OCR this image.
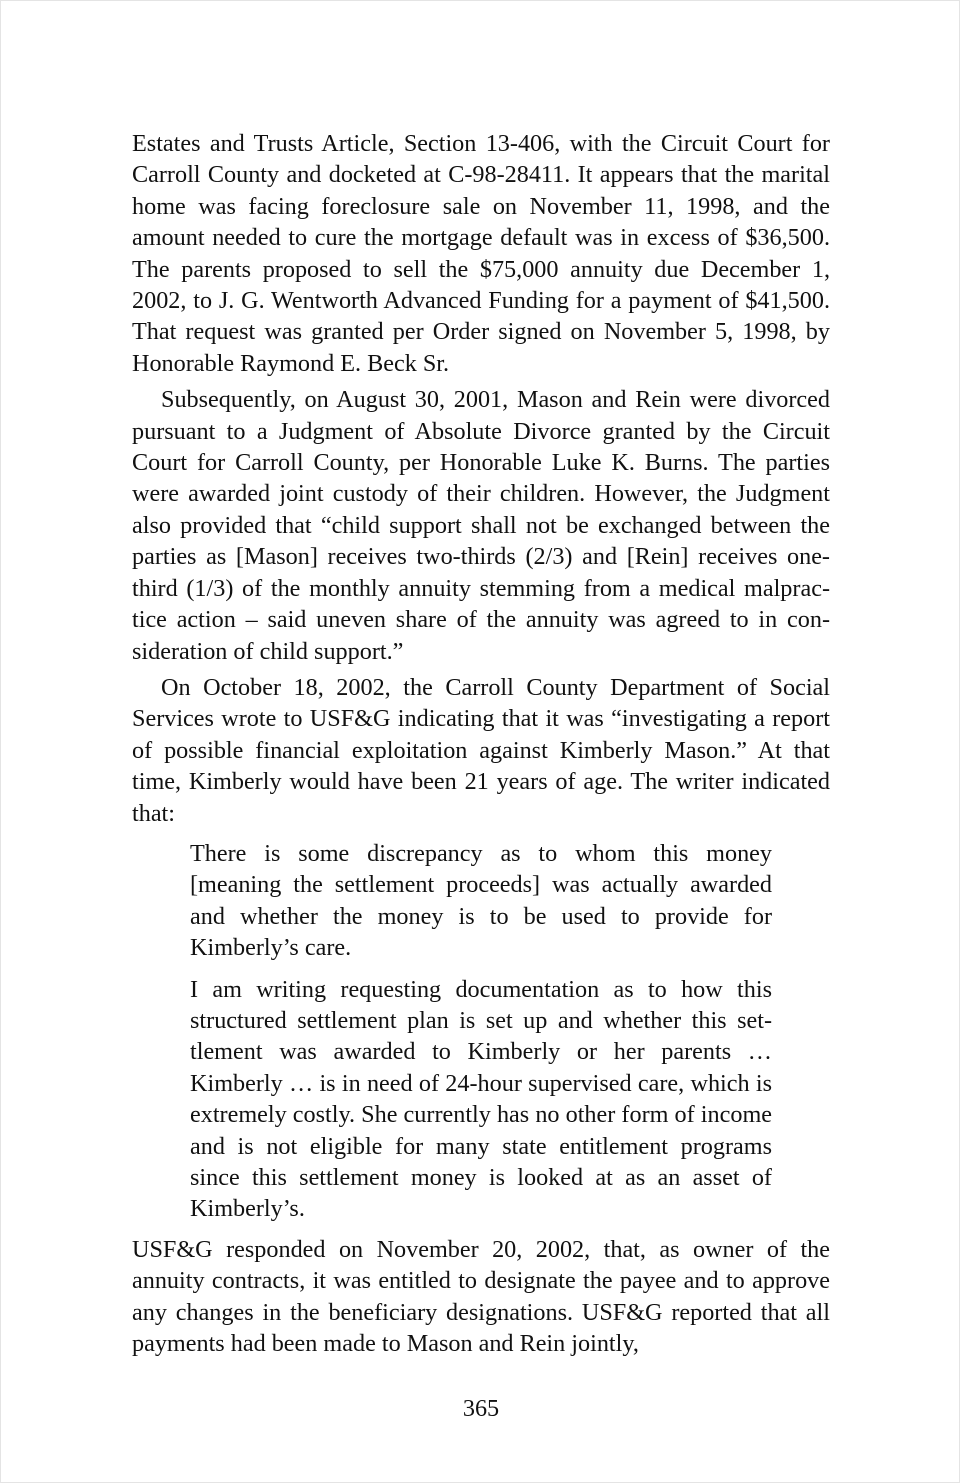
Estates and Trusts Article, Section 13-406, with the Circuit Court for Carroll County and docketed at C-98-28411. It appears that the marital home was facing foreclosure sale on November 11, 1998, and the amount needed to cure the mortgage default was in excess of $36,500. The parents proposed to sell the $75,000 annuity due December 1, 2002, to J. G. Wentworth Advanced Funding for a payment of $41,500. That request was granted per Order signed on November 5, 1998, by Honorable Raymond E. Beck Sr.

Subsequently, on August 30, 2001, Mason and Rein were divorced pursuant to a Judgment of Absolute Divorce granted by the Circuit Court for Carroll County, per Honorable Luke K. Burns. The parties were awarded joint custody of their children. However, the Judgment also provided that “child support shall not be exchanged between the parties as [Mason] receives two-thirds (2/3) and [Rein] receives one-third (1/3) of the monthly annuity stemming from a medical malpractice action – said uneven share of the annuity was agreed to in consideration of child support.”

On October 18, 2002, the Carroll County Department of Social Services wrote to USF&G indicating that it was “investigating a report of possible financial exploitation against Kimberly Mason.” At that time, Kimberly would have been 21 years of age. The writer indicated that:

There is some discrepancy as to whom this money [meaning the settlement proceeds] was actually awarded and whether the money is to be used to provide for Kimberly’s care.

I am writing requesting documentation as to how this structured settlement plan is set up and whether this settlement was awarded to Kimberly or her parents … Kimberly … is in need of 24-hour supervised care, which is extremely costly. She currently has no other form of income and is not eligible for many state entitlement programs since this settlement money is looked at as an asset of Kimberly’s.

USF&G responded on November 20, 2002, that, as owner of the annuity contracts, it was entitled to designate the payee and to approve any changes in the beneficiary designations. USF&G reported that all payments had been made to Mason and Rein jointly,

365
